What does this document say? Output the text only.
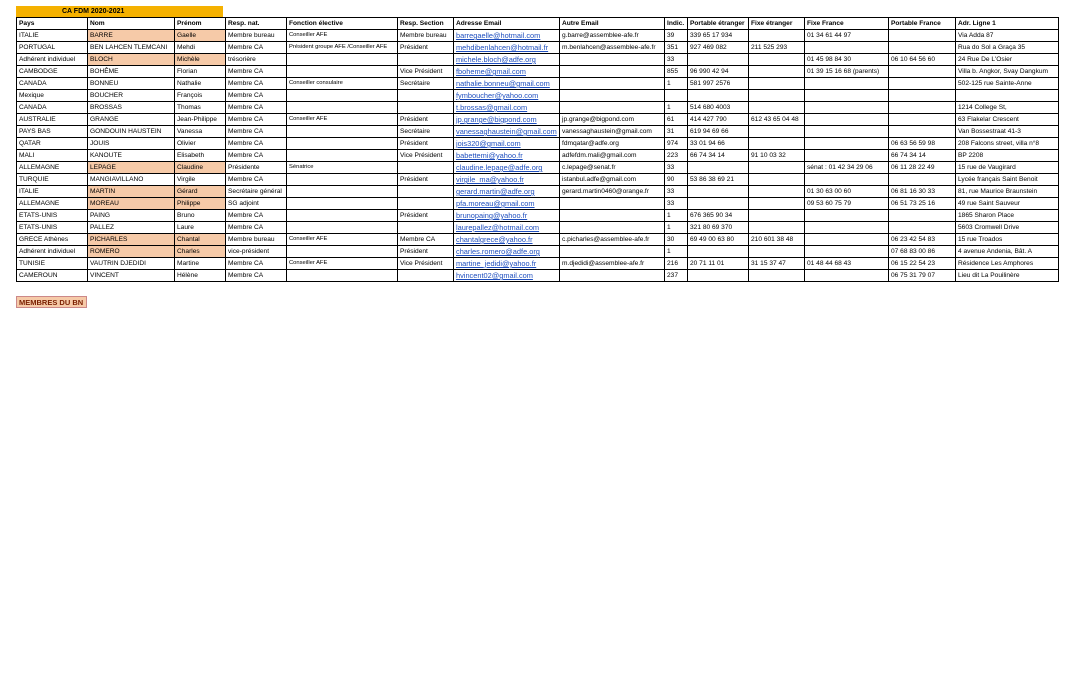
CA FDM 2020-2021
Pays	Nom	Prénom	Resp. nat.	Fonction élective	Resp. Section	Adresse Email	Autre Email	Indic.	Portable étranger	Fixe étranger	Fixe France	Portable France	Adr. Ligne 1
ITALIE	BARRE	Gaelle	Membre bureau	Conseiller AFE	Membre bureau	barregaelle@hotmail.com	g.barre@assemblee-afe.fr	39	339 65 17 934		01 34 61 44 97		Via Adda 87
PORTUGAL	BEN LAHCEN TLEMCANI	Mehdi	Membre CA	Président groupe AFE /Conseiller AFE	Président	mehdibenlahcen@hotmail.fr	m.benlahcen@assemblee-afe.fr	351	927 469 082	211 525 293			Rua do Sol a Graça 35
Adhérent individuel	BLOCH	Michèle	trésorière			michele.bloch@adfe.org		33			01 45 98 84 30	06 10 64 56 60	24 Rue De L'Osier
CAMBODGE	BOHÊME	Florian	Membre CA		Vice Président	fboheme@gmail.com		855	96 990 42 94		01 39 15 16 68 (parents)		Villa b. Angkor, Svay Dangkum
CANADA	BONNEU	Nathalie	Membre CA	Conseiller consulaire	Secrétaire	nathalie.bonneu@gmail.com		1	581 997 2576				502-125 rue Sainte-Anne
Mexique	BOUCHER	François	Membre CA			fymboucher@yahoo.com							
CANADA	BROSSAS	Thomas	Membre CA			t.brossas@gmail.com		1	514 680 4003				1214 College St,
AUSTRALIE	GRANGE	Jean-Philippe	Membre CA	Conseiller AFE	Président	jp.grange@bigpond.com	jp.grange@bigpond.com	61	414 427 790	612 43 65 04 48			63 Flakelar Crescent
PAYS BAS	GONDOUIN HAUSTEIN	Vanessa	Membre CA		Secrétaire	vanessaghaustein@gmail.com	vanessaghaustein@gmail.com	31	619 94 69 66				Van Bossestraat 41-3
QATAR	JOUIS	Olivier	Membre CA		Président	jois320@gmail.com	fdmqatar@adfe.org	974	33 01 94 66			06 63 56 59 98	208 Falcons street, villa n°8
MALI	KANOUTE	Elisabeth	Membre CA		Vice Président	babettemi@yahoo.fr	adfefdm.mali@gmail.com	223	66 74 34 14	91 10 03 32		66 74 34 14	BP 2208
ALLEMAGNE	LEPAGE	Claudine	Présidente	Sénatrice		claudine.lepage@adfe.org	c.lepage@senat.fr	33			sénat : 01 42 34 29 06	06 11 28 22 49	15 rue de Vaugirard
TURQUIE	MANGIAVILLANO	Virgile	Membre CA		Président	virgile_ma@yahoo.fr	istanbul.adfe@gmail.com	90	53 86 38 69 21				Lycée français Saint Benoit
ITALIE	MARTIN	Gérard	Secrétaire général			gerard.martin@adfe.org	gerard.martin0460@orange.fr	33			01 30 63 00 60	06 81 16 30 33	81, rue Maurice Braunstein
ALLEMAGNE	MOREAU	Philippe	SG adjoint			pfa.moreau@gmail.com		33			09 53 60 75 79	06 51 73 25 16	49 rue Saint Sauveur
ETATS-UNIS	PAING	Bruno	Membre CA		Président	brunopaing@yahoo.fr		1	676 365 90 34				1865 Sharon Place
ETATS-UNIS	PALLEZ	Laure	Membre CA			laurepallez@hotmail.com		1	321 80 69 370				5603 Cromwell Drive
GRECE Athènes	PICHARLES	Chantal	Membre bureau	Conseiller AFE	Membre CA	chantalgrece@yahoo.fr	c.picharles@assemblee-afe.fr	30	69 49 00 63 80	210 601 38 48		06 23 42 54 83	15 rue Troados
Adhérent individuel	ROMERO	Charles	vice-président		Président	charles.romero@adfe.org		1				07 68 83 00 86	4 avenue Andenia, Bât. A
TUNISIE	VAUTRIN DJEDIDI	Martine	Membre CA	Conseiller AFE	Vice Président	martine_jedidi@yahoo.fr	m.djedidi@assemblee-afe.fr	216	20 71 11 01	31 15 37 47	01 48 44 68 43	06 15 22 54 23	Résidence Les Amphores
CAMEROUN	VINCENT	Hélène	Membre CA			hvincent02@gmail.com		237				06 75 31 79 07	Lieu dit La Pouilinère
MEMBRES DU BN
